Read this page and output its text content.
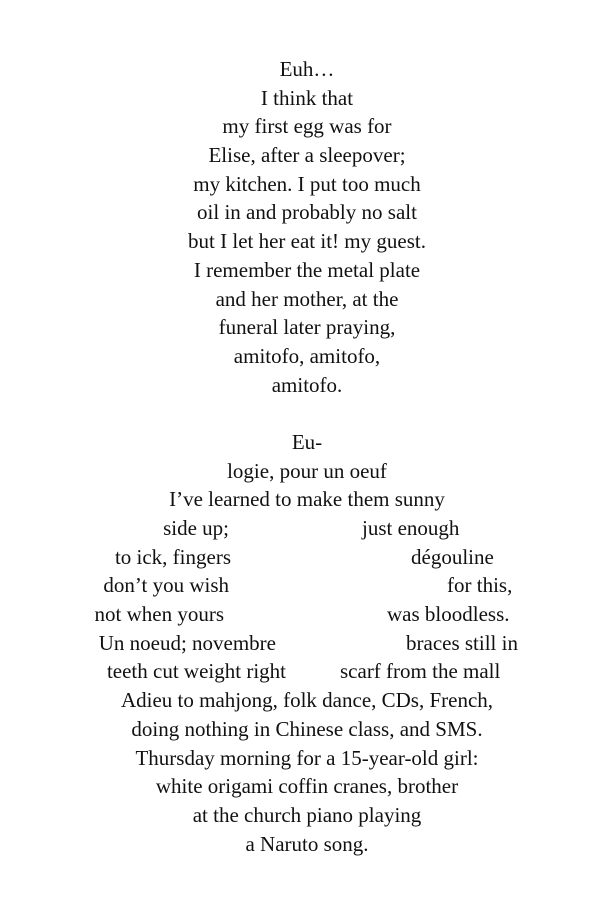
Euh…
I think that
my first egg was for
Elise, after a sleepover;
my kitchen. I put too much
oil in and probably no salt
but I let her eat it! my guest.
I remember the metal plate
and her mother, at the
funeral later praying,
amitofo, amitofo,
amitofo.
Eu-
logie, pour un oeuf
I’ve learned to make them sunny

side up;

	just enough

to ick, fingers

	dégouline

don’t you wish

	for this,

not when yours

	was bloodless.

Un noeud; novembre

	braces still in

teeth cut weight right

	scarf from the mall

Adieu to mahjong, folk dance, CDs, French,
doing nothing in Chinese class, and SMS.
Thursday morning for a 15-year-old girl:
white origami coffin cranes, brother
at the church piano playing
a Naruto song.
